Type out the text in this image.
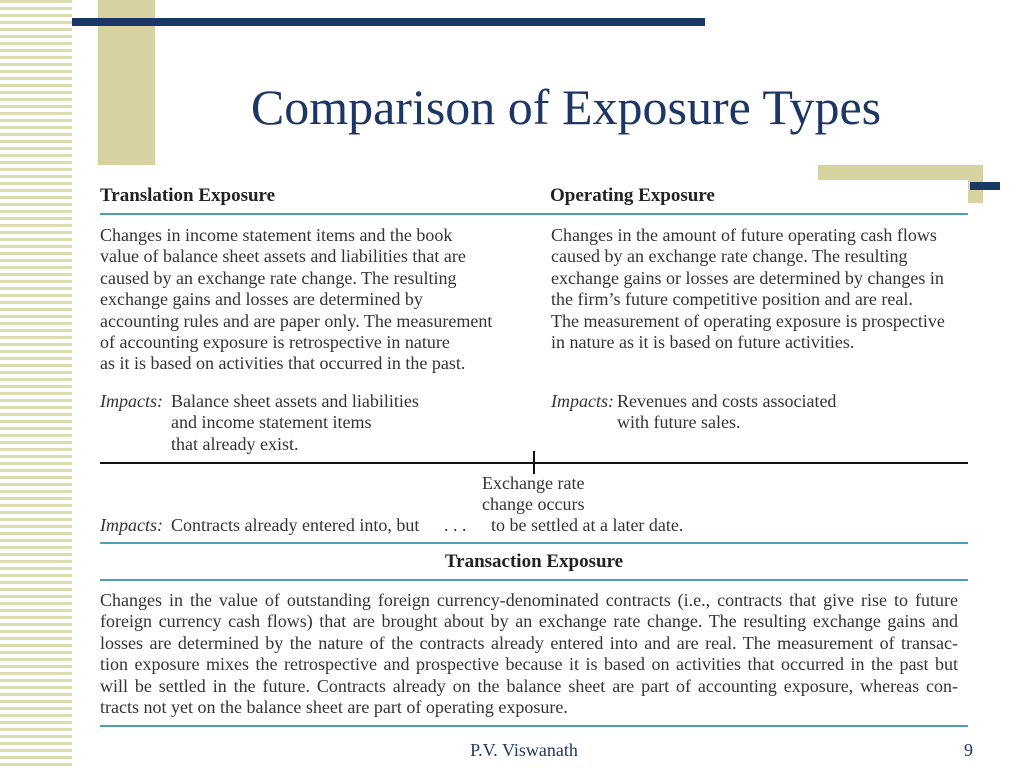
Comparison of Exposure Types
Translation Exposure	Operating Exposure
Changes in income statement items and the book
value of balance sheet assets and liabilities that are
caused by an exchange rate change. The resulting
exchange gains and losses are determined by
accounting rules and are paper only. The measurement
of accounting exposure is retrospective in nature
as it is based on activities that occurred in the past.
Changes in the amount of future operating cash flows
caused by an exchange rate change. The resulting
exchange gains or losses are determined by changes in
the firm’s future competitive position and are real.
The measurement of operating exposure is prospective
in nature as it is based on future activities.
Impacts: Balance sheet assets and liabilities
and income statement items
that already exist.
Impacts: Revenues and costs associated
with future sales.
Exchange rate
change occurs
Impacts: Contracts already entered into, but . . . to be settled at a later date.
Transaction Exposure
Changes in the value of outstanding foreign currency-denominated contracts (i.e., contracts that give rise to future
foreign currency cash flows) that are brought about by an exchange rate change. The resulting exchange gains and
losses are determined by the nature of the contracts already entered into and are real. The measurement of transac-
tion exposure mixes the retrospective and prospective because it is based on activities that occurred in the past but
will be settled in the future. Contracts already on the balance sheet are part of accounting exposure, whereas con-
tracts not yet on the balance sheet are part of operating exposure.
P.V. Viswanath	9
